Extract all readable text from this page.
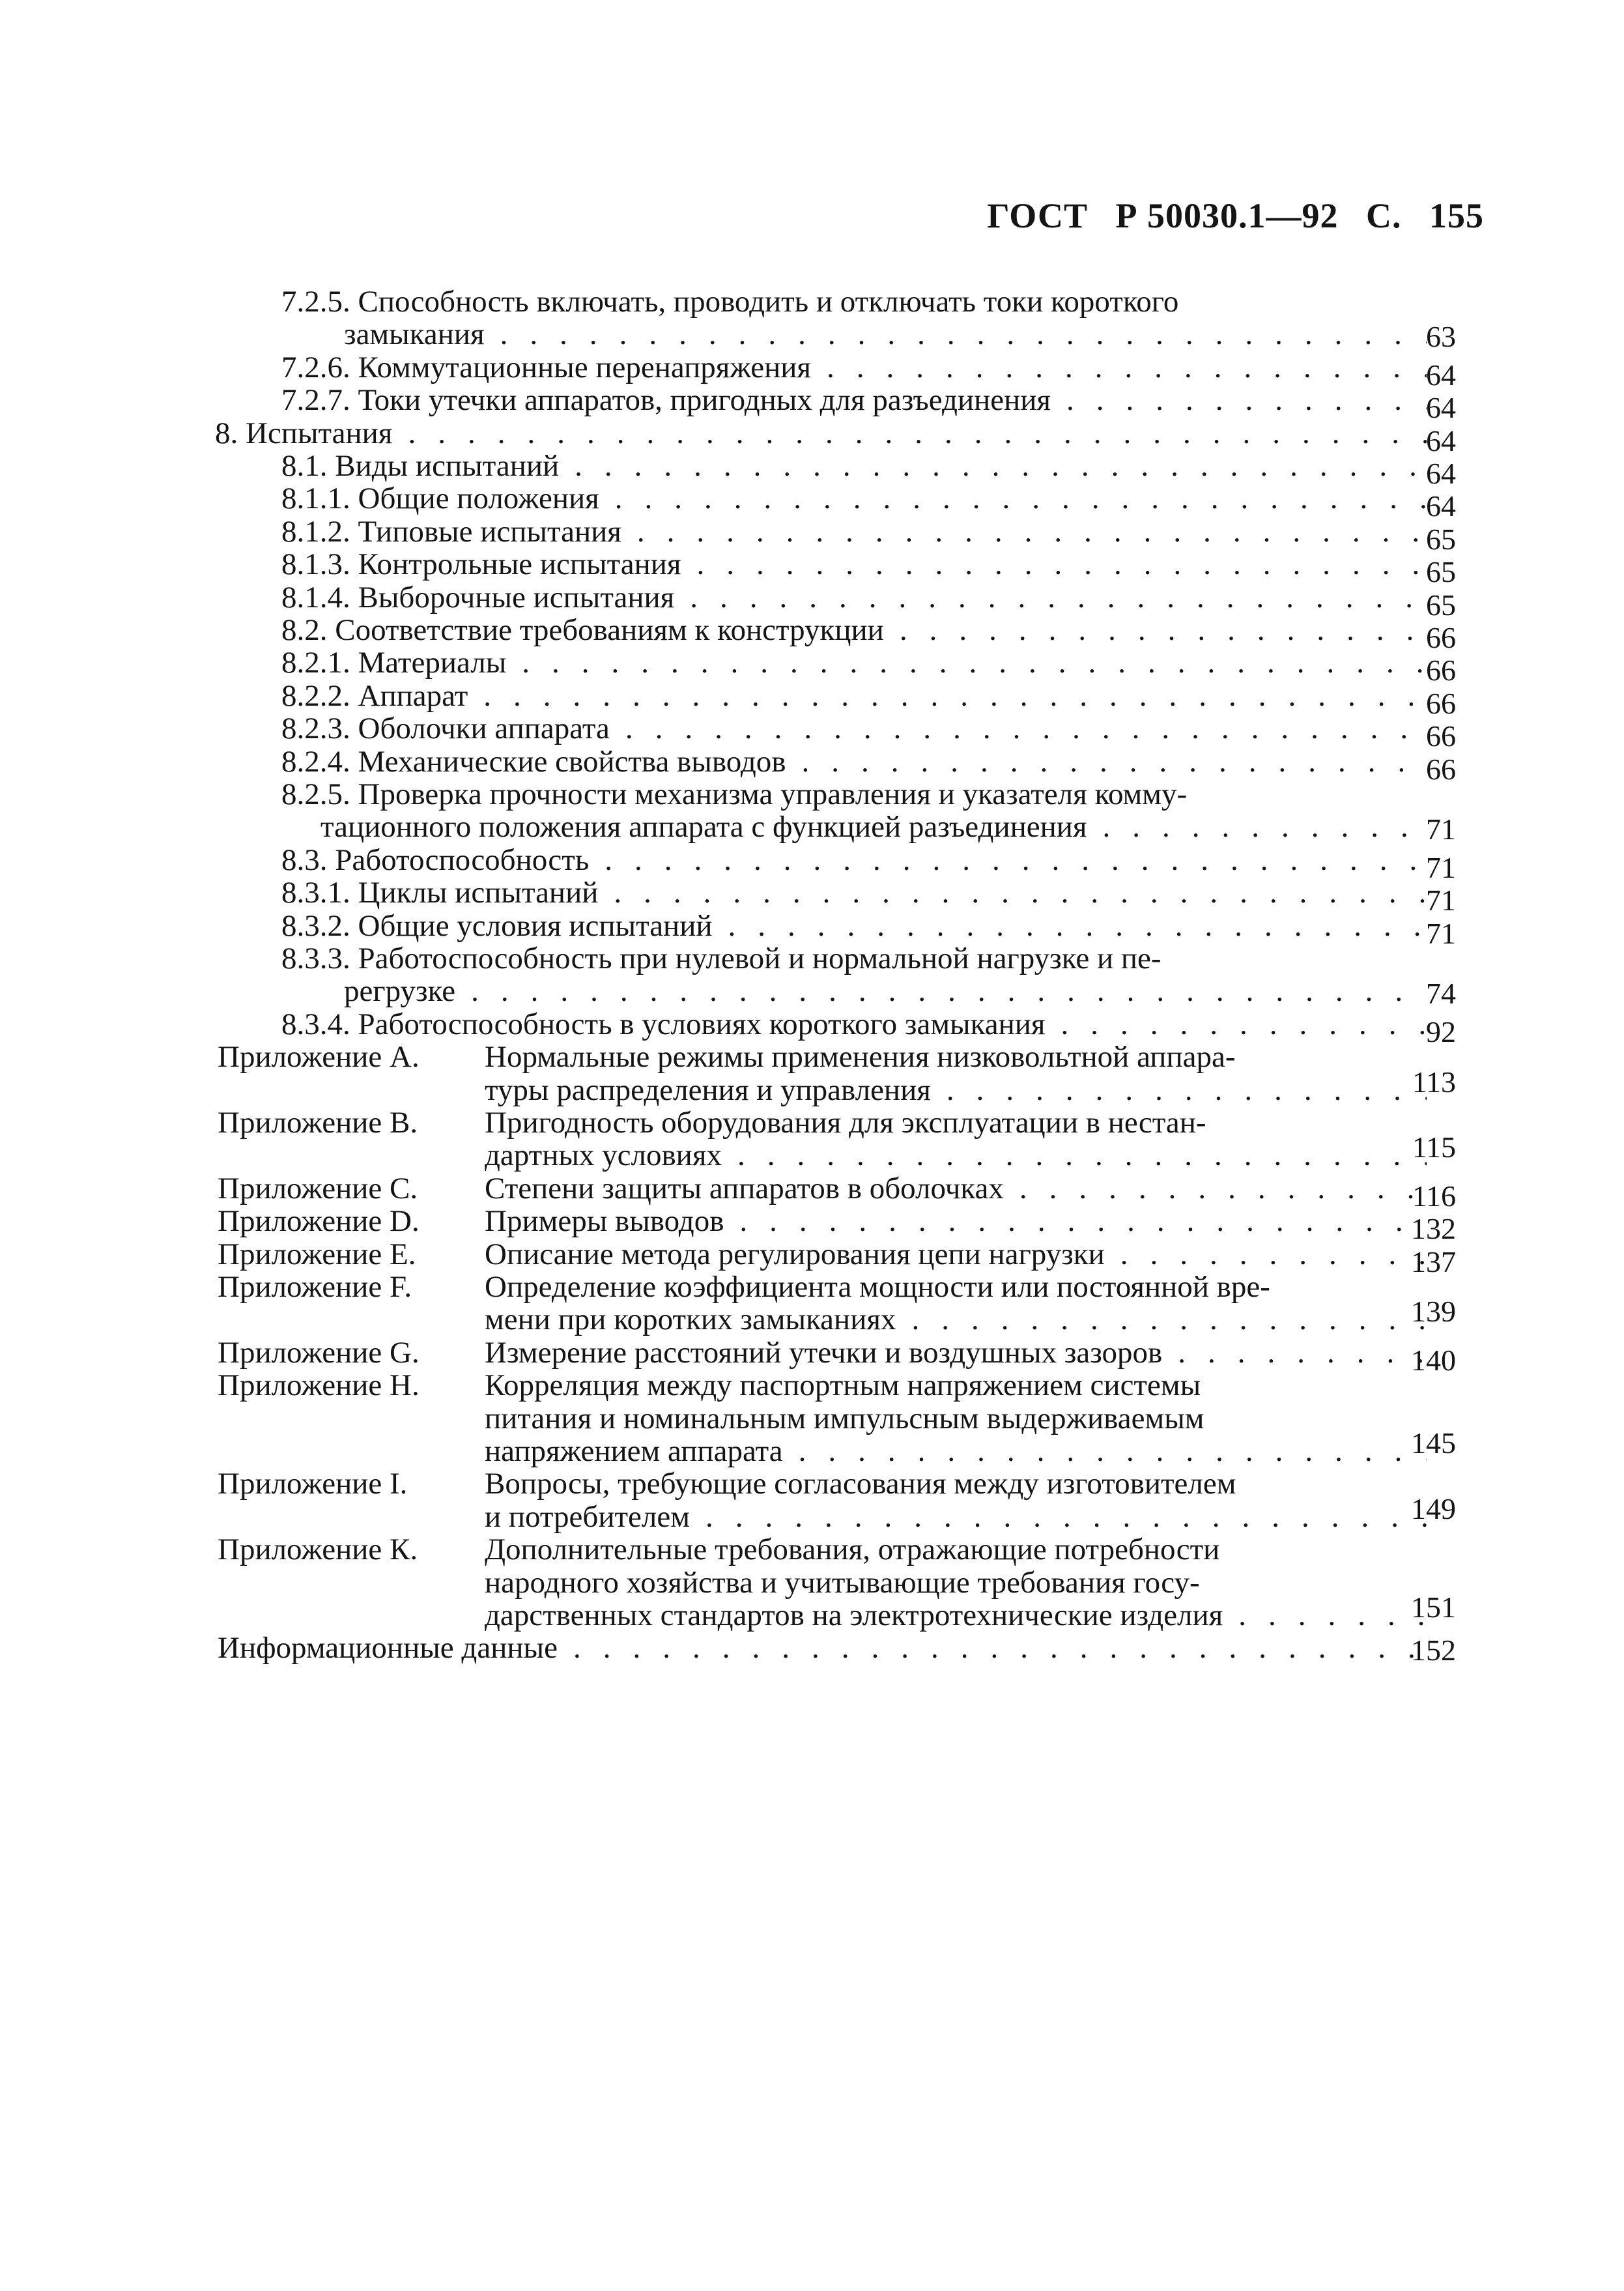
ГОСТ Р 50030.1—92 С. 155
7.2.5. Способность включать, проводить и отключать токи короткого
замыкания .....	63
7.2.6. Коммутационные перенапряжения .....	64
7.2.7. Токи утечки аппаратов, пригодных для разъединения .....	64
8. Испытания .....	64
8.1. Виды испытаний .....	64
8.1.1. Общие положения .....	64
8.1.2. Типовые испытания .....	65
8.1.3. Контрольные испытания .....	65
8.1.4. Выборочные испытания .....	65
8.2. Соответствие требованиям к конструкции .....	66
8.2.1. Материалы .....	66
8.2.2. Аппарат .....	66
8.2.3. Оболочки аппарата .....	66
8.2.4. Механические свойства выводов .....	66
8.2.5. Проверка прочности механизма управления и указателя комму-
тационного положения аппарата с функцией разъединения .....	71
8.3. Работоспособность .....	71
8.3.1. Циклы испытаний .....	71
8.3.2. Общие условия испытаний .....	71
8.3.3. Работоспособность при нулевой и нормальной нагрузке и пе-
регрузке .....	74
8.3.4. Работоспособность в условиях короткого замыкания .....	92
Приложение А. Нормальные режимы применения низковольтной аппара-
туры распределения и управления .....	113
Приложение В. Пригодность оборудования для эксплуатации в нестан-
дартных условиях .....	115
Приложение С. Степени защиты аппаратов в оболочках .....	116
Приложение D. Примеры выводов .....	132
Приложение Е. Описание метода регулирования цепи нагрузки .....	137
Приложение F. Определение коэффициента мощности или постоянной вре-
мени при коротких замыканиях .....	139
Приложение G. Измерение расстояний утечки и воздушных зазоров .....	140
Приложение Н. Корреляция между паспортным напряжением системы
питания и номинальным импульсным выдерживаемым
напряжением аппарата .....	145
Приложение I.	Вопросы, требующие согласования между изготовителем
и потребителем .....	149
Приложение К. Дополнительные требования, отражающие потребности
народного хозяйства и учитывающие требования госу-
дарственных стандартов на электротехнические изделия .....	151
Информационные данные .....	152
